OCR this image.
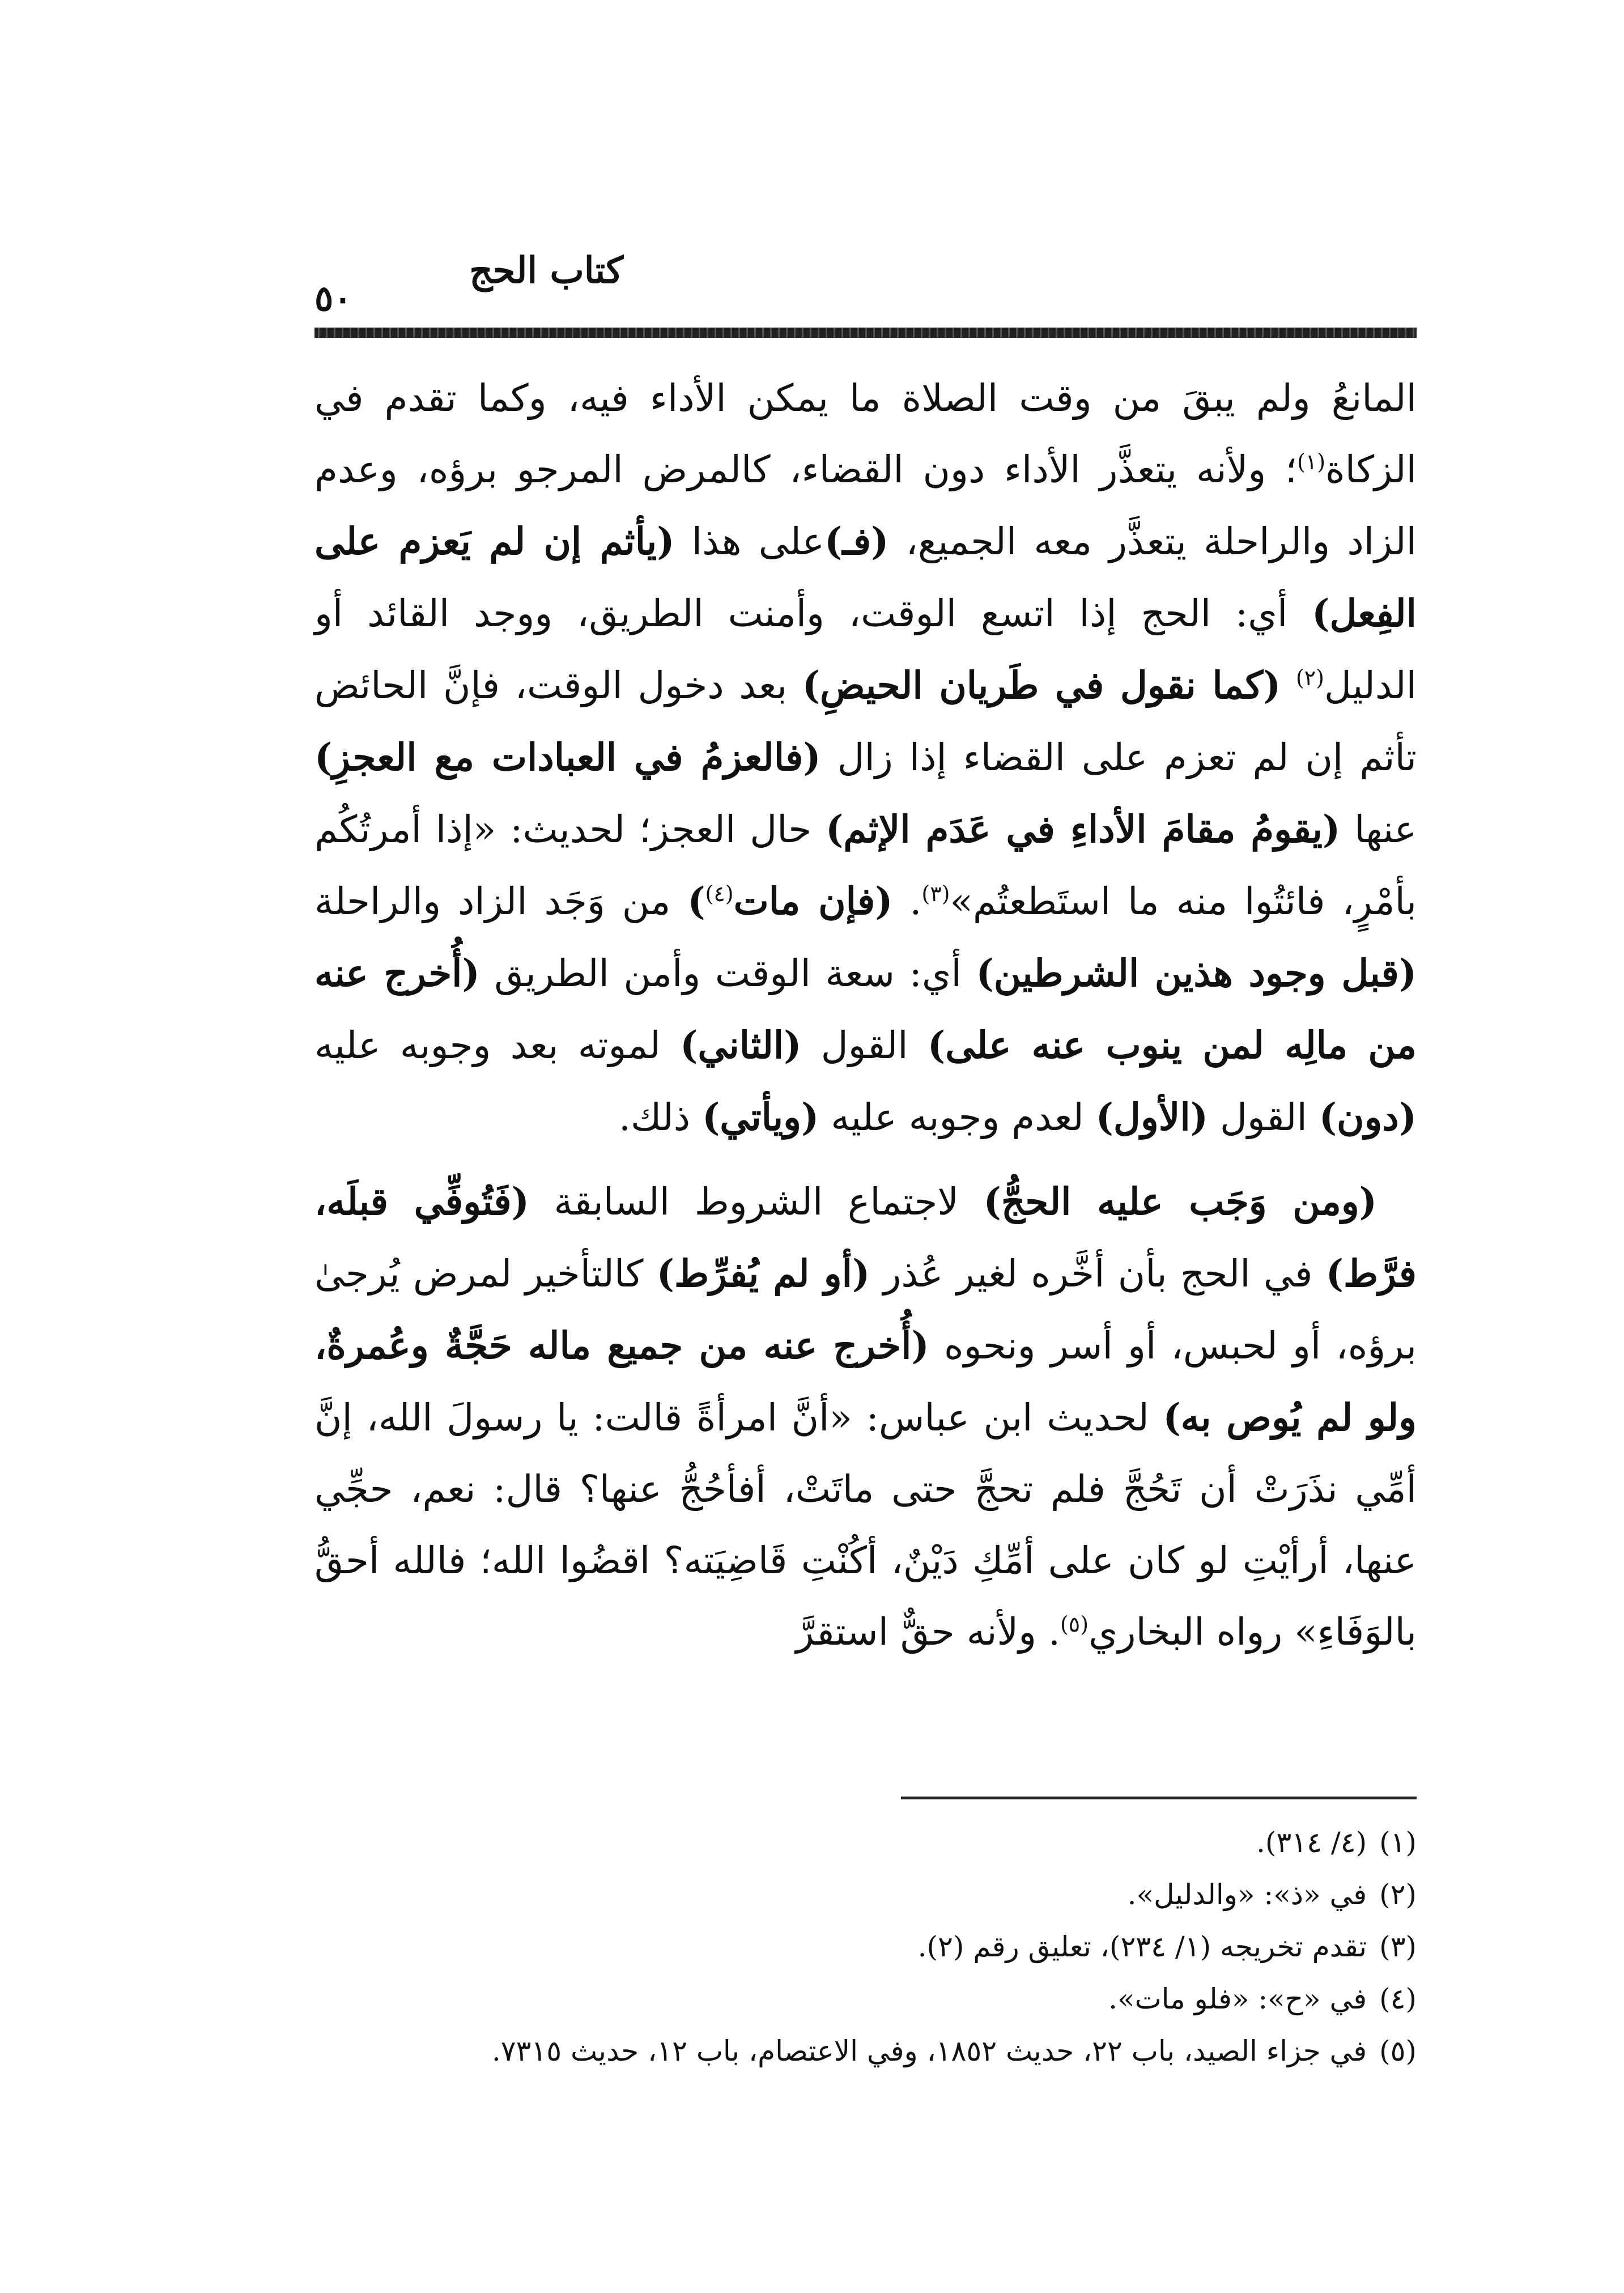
كتاب الحج
٥٠

المانعُ ولم يبقَ من وقت الصلاة ما يمكن الأداء فيه، وكما تقدم في الزكاة$^{(١)}$؛ ولأنه يتعذَّر الأداء دون القضاء، كالمرض المرجو برؤه، وعدم الزاد والراحلة يتعذَّر معه الجميع، (فـ)على هذا (يأثم إن لم يَعزم على الفِعل) أي: الحج إذا اتسع الوقت، وأمنت الطريق، ووجد القائد أو الدليل$^{(٢)}$ (كما نقول في طَريان الحيضِ) بعد دخول الوقت، فإنَّ الحائض تأثم إن لم تعزم على القضاء إذا زال (فالعزمُ في العبادات مع العجزِ) عنها (يقومُ مقامَ الأداءِ في عَدَم الإثم) حال العجز؛ لحديث: «إذا أمرتُكُم بأمْرٍ، فائتُوا منه ما استَطعتُم»$^{(٣)}$. (فإن مات$^{(٤)}$) من وَجَد الزاد والراحلة (قبل وجود هذين الشرطين) أي: سعة الوقت وأمن الطريق (أُخرج عنه من مالِه لمن ينوب عنه على) القول (الثاني) لموته بعد وجوبه عليه (دون) القول (الأول) لعدم وجوبه عليه (ويأتي) ذلك.

(ومن وَجَب عليه الحجُّ) لاجتماع الشروط السابقة (فَتُوفِّي قبلَه، فرَّط) في الحج بأن أخَّره لغير عُذر (أو لم يُفرِّط) كالتأخير لمرض يُرجىٰ برؤه، أو لحبس، أو أسر ونحوه (أُخرج عنه من جميع ماله حَجَّةٌ وعُمرةٌ، ولو لم يُوص به) لحديث ابن عباس: «أنَّ امرأةً قالت: يا رسولَ الله، إنَّ أمِّي نذَرَتْ أن تَحُجَّ فلم تحجَّ حتى ماتَتْ، أفأحُجُّ عنها؟ قال: نعم، حجِّي عنها، أرأيْتِ لو كان على أمِّكِ دَيْنٌ، أكُنْتِ قَاضِيَته؟ اقضُوا الله؛ فالله أحقُّ بالوَفَاءِ» رواه البخاري$^{(٥)}$. ولأنه حقٌّ استقرَّ

(١)(٤/ ٣١٤).
(٢)في «ذ»: «والدليل».
(٣)تقدم تخريجه (١/ ٢٣٤)، تعليق رقم (٢).
(٤)في «ح»: «فلو مات».
(٥)في جزاء الصيد، باب ٢٢، حديث ١٨٥٢، وفي الاعتصام، باب ١٢، حديث ٧٣١٥.
